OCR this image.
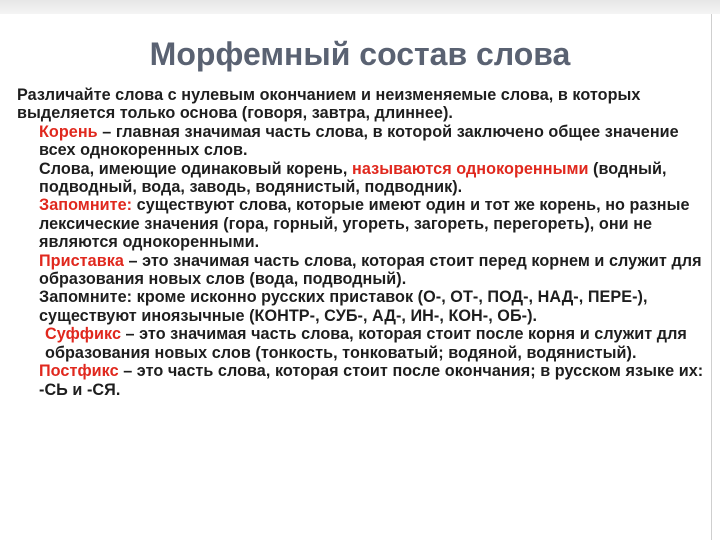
Морфемный состав слова

Различайте слова с нулевым окончанием и неизменяемые слова, в которых выделяется только основа (говоря, завтра, длиннее).

Корень – главная значимая часть слова, в которой заключено общее значение всех однокоренных слов.

Слова, имеющие одинаковый корень, называются однокоренными (водный, подводный, вода, заводь, водянистый, подводник).

Запомните: существуют слова, которые имеют один и тот же корень, но разные лексические значения (гора, горный, угореть, загореть, перегореть), они не являются однокоренными.

Приставка – это значимая часть слова, которая стоит перед корнем и служит для образования новых слов (вода, подводный).

Запомните: кроме исконно русских приставок (О-, ОТ-, ПОД-, НАД-, ПЕРЕ-), существуют иноязычные (КОНТР-, СУБ-, АД-, ИН-, КОН-, ОБ-).

Суффикс – это значимая часть слова, которая стоит после корня и служит для образования новых слов (тонкость, тонковатый; водяной, водянистый).

Постфикс – это часть слова, которая стоит после окончания; в русском языке их: -СЬ и -СЯ.
